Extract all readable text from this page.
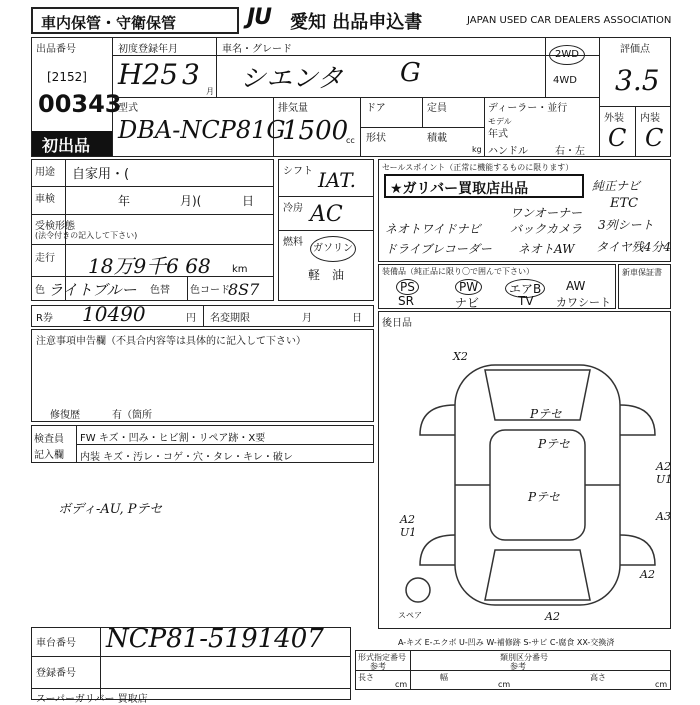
車内保管・守衛保管	JU 愛知 出品申込書	JAPAN USED CAR DEALERS ASSOCIATION
出品番号
[2152]
00343
初出品
初度登録年月
H25 3
月
車名・グレード
シエンタ G
2WD
4WD
評価点
3.5
外装 内装
C C
型式
DBA-NCP81G
排気量
1500
cc
ドア	定員
形状	積載
kg
ディーラー・並行
モデル
年式
ハンドル	右・左
用途 自家用・(
車検	年	月)(	日
受検形態
(法令付きの記入して下さい)
走行 18万9千6 68 km
色 ライトブルー 色替 色コード
8S7
シフト IAT.
冷房 AC
燃料
ガソリン
軽　油
セールスポイント（正常に機能するものに限ります）
★ガリバー買取店出品	純正ナビ
ワンオーナー
ETC
ネオトワイドナビ バックカメラ 3列シート
ドライブレコーダー ネオトAW タイヤ残4分4
装備品（純正品に限り〇で囲んで下さい）
PS	PW	エアB	AW
SR	ナビ	TV カワシート
新車保証書
R券 10490	円 名変期限	月	日
注意事項申告欄（不具合内容等は具体的に記入して下さい）
修復歴	有（箇所
検査員
記入欄
FW キズ・凹み・ヒビ割・リペア跡・X要
内装 キズ・汚レ・コゲ・穴・タレ・キレ・破レ
ボディ-AU, Pテセ
後日品
X2
Pテセ
Pテセ
Pテセ
A2 U1
A2 U1
A3
A2
A2
スペア
A-キズ E-エクボ U-凹み W-補修跡 S-サビ C-腐食 XX-交換済
車台番号 NCP81-5191407
登録番号
スーパーガリバー 買取店
形式指定番号
参考
類別区分番号
参考
長さ
cm
幅
cm
高さ
cm
